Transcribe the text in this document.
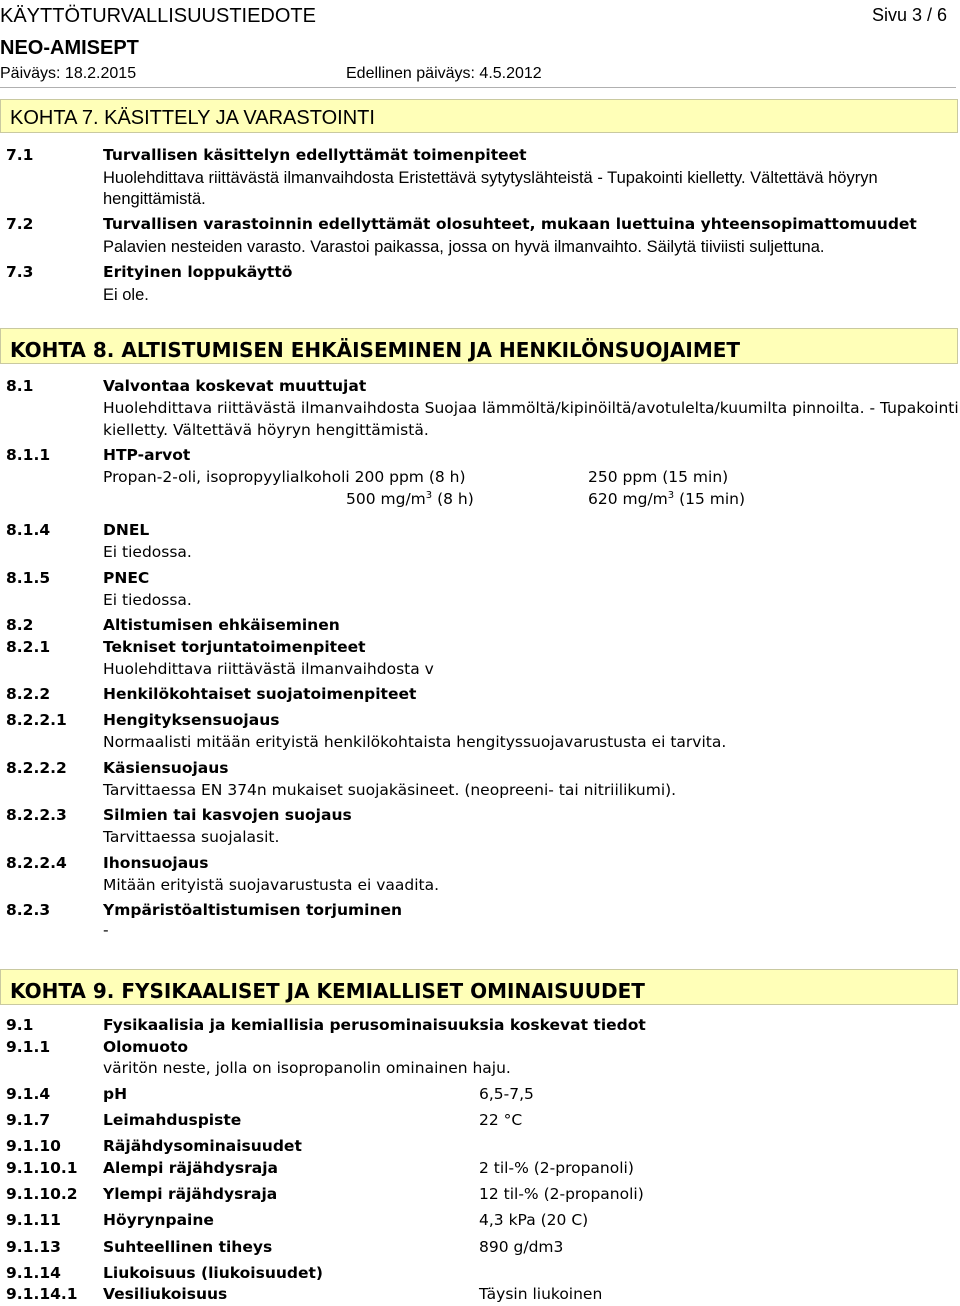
KÄYTTÖTURVALLISUUSTIEDOTE	Sivu 3 / 6
NEO-AMISEPT
Päiväys: 18.2.2015	Edellinen päiväys: 4.5.2012
KOHTA 7. KÄSITTELY JA VARASTOINTI
7.1	Turvallisen käsittelyn edellyttämät toimenpiteet
Huolehdittava riittävästä ilmanvaihdosta Eristettävä sytytyslähteistä - Tupakointi kielletty. Vältettävä höyryn
hengittämistä.
7.2	Turvallisen varastoinnin edellyttämät olosuhteet, mukaan luettuina yhteensopimattomuudet
Palavien nesteiden varasto. Varastoi paikassa, jossa on hyvä ilmanvaihto. Säilytä tiiviisti suljettuna.
7.3	Erityinen loppukäyttö
Ei ole.
KOHTA 8. ALTISTUMISEN EHKÄISEMINEN JA HENKILÖNSUOJAIMET
8.1	Valvontaa koskevat muuttujat
Huolehdittava riittävästä ilmanvaihdosta Suojaa lämmöltä/kipinöiltä/avotulelta/kuumilta pinnoilta. - Tupakointi
kielletty. Vältettävä höyryn hengittämistä.
8.1.1	HTP-arvot
Propan-2-oli, isopropyylialkoholi 200 ppm (8 h)	250 ppm (15 min)
500 $mg/m^3$ (8 h)	620 $mg/m^3$ (15 min)
8.1.4	DNEL
Ei tiedossa.
8.1.5	PNEC
Ei tiedossa.
8.2	Altistumisen ehkäiseminen
8.2.1	Tekniset torjuntatoimenpiteet
Huolehdittava riittävästä ilmanvaihdosta v
8.2.2	Henkilökohtaiset suojatoimenpiteet
8.2.2.1 Hengityksensuojaus
Normaalisti mitään erityistä henkilökohtaista hengityssuojavarustusta ei tarvita.
8.2.2.2 Käsiensuojaus
Tarvittaessa EN 374n mukaiset suojakäsineet. (neopreeni- tai nitriilikumi).
8.2.2.3 Silmien tai kasvojen suojaus
Tarvittaessa suojalasit.
8.2.2.4 Ihonsuojaus
Mitään erityistä suojavarustusta ei vaadita.
8.2.3	Ympäristöaltistumisen torjuminen
-
KOHTA 9. FYSIKAALISET JA KEMIALLISET OMINAISUUDET
9.1	Fysikaalisia ja kemiallisia perusominaisuuksia koskevat tiedot
9.1.1	Olomuoto
väritön neste, jolla on isopropanolin ominainen haju.
9.1.4	pH	6,5-7,5
9.1.7	Leimahduspiste	22 °C
9.1.10	Räjähdysominaisuudet
9.1.10.1 Alempi räjähdysraja	2 til-% (2-propanoli)
9.1.10.2 Ylempi räjähdysraja	12 til-% (2-propanoli)
9.1.11	Höyrynpaine	4,3 kPa (20 C)
9.1.13	Suhteellinen tiheys	890 g/dm3
9.1.14	Liukoisuus (liukoisuudet)
9.1.14.1 Vesiliukoisuus	Täysin liukoinen
